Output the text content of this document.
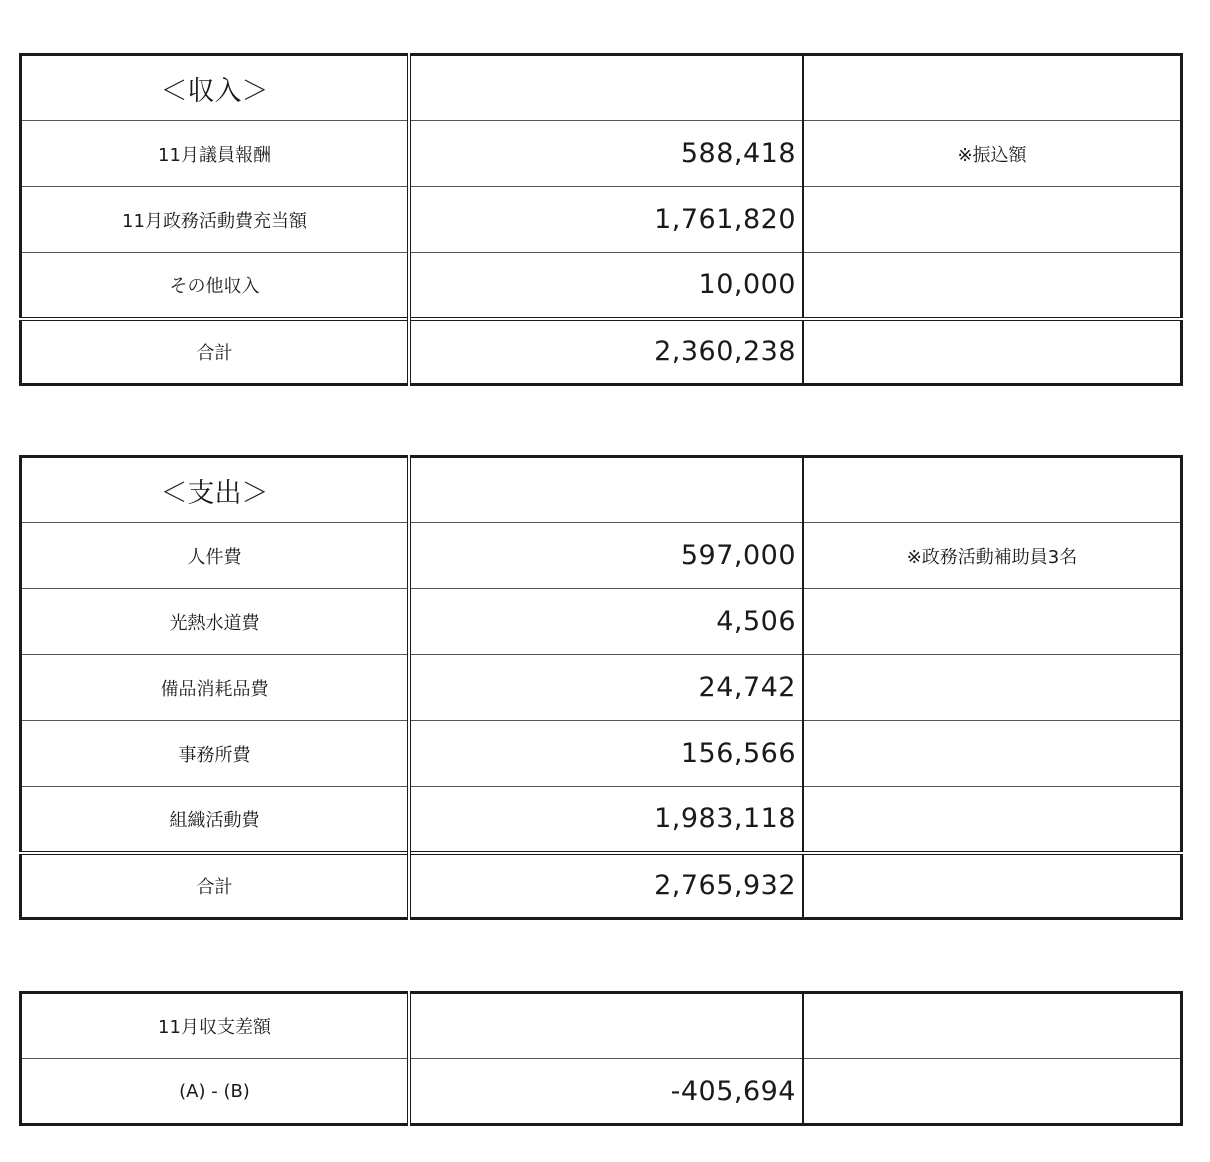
＜収入＞		
11月議員報酬	588,418	※振込額
11月政務活動費充当額	1,761,820	
その他収入	10,000	
合計	2,360,238	
＜支出＞		
人件費	597,000	※政務活動補助員3名
光熱水道費	4,506	
備品消耗品費	24,742	
事務所費	156,566	
組織活動費	1,983,118	
合計	2,765,932	
11月収支差額		
(A) - (B)	-405,694	
